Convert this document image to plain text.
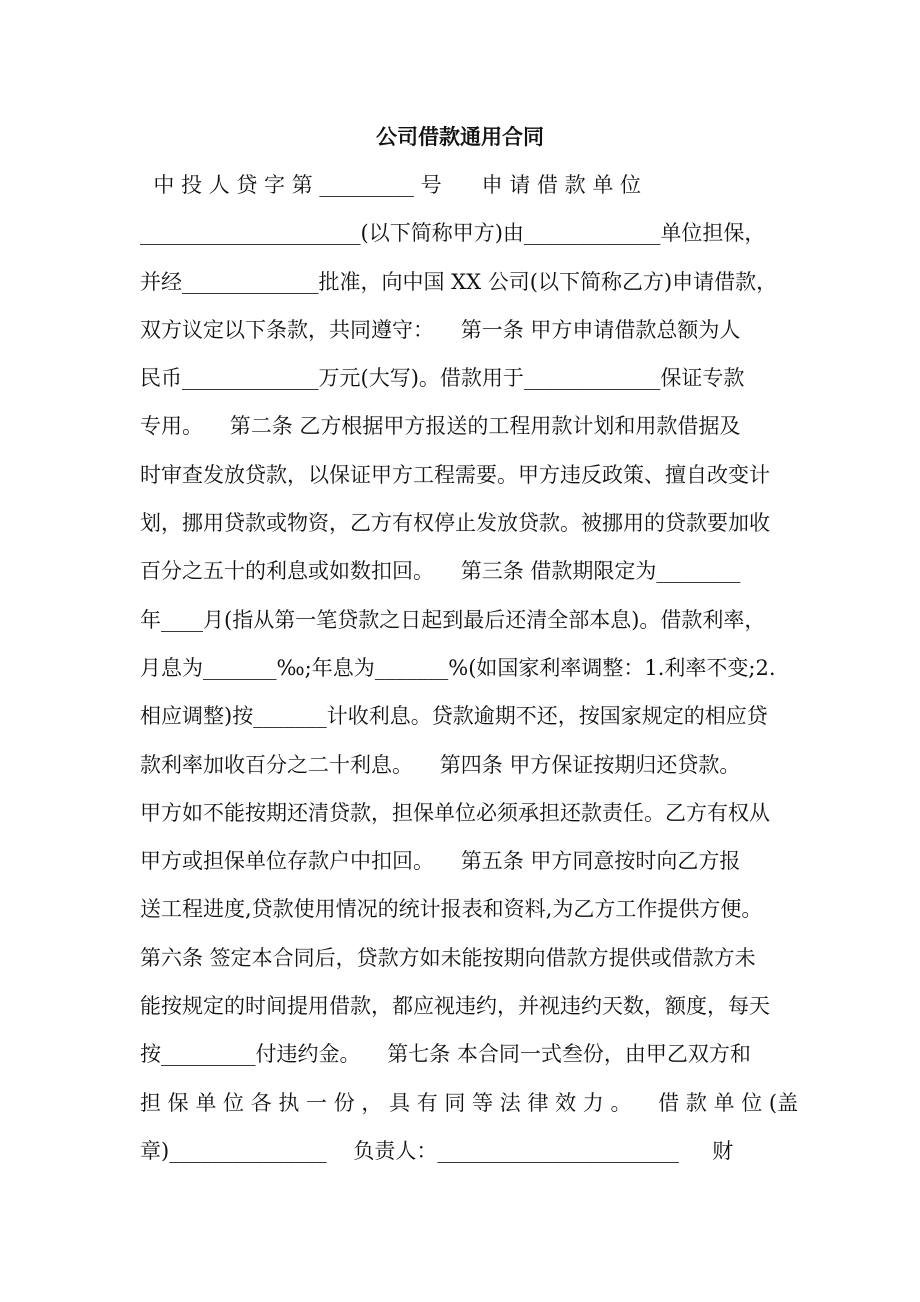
公司借款通用合同
中 投 人 贷 字 第 _________ 号      申 请 借 款 单 位
_____________________(以下简称甲方)由_____________单位担保，
并经_____________批准，向中国 XX 公司(以下简称乙方)申请借款，
双方议定以下条款，共同遵守：    第一条 甲方申请借款总额为人
民币_____________万元(大写)。借款用于_____________保证专款
专用。    第二条 乙方根据甲方报送的工程用款计划和用款借据及
时审查发放贷款，以保证甲方工程需要。甲方违反政策、擅自改变计
划，挪用贷款或物资，乙方有权停止发放贷款。被挪用的贷款要加收
百分之五十的利息或如数扣回。    第三条 借款期限定为________
年____月(指从第一笔贷款之日起到最后还清全部本息)。借款利率，
月息为_______‰;年息为_______%(如国家利率调整：1.利率不变;2.
相应调整)按_______计收利息。贷款逾期不还，按国家规定的相应贷
款利率加收百分之二十利息。    第四条 甲方保证按期归还贷款。
甲方如不能按期还清贷款，担保单位必须承担还款责任。乙方有权从
甲方或担保单位存款户中扣回。    第五条 甲方同意按时向乙方报
送工程进度,贷款使用情况的统计报表和资料,为乙方工作提供方便。
第六条 签定本合同后，贷款方如未能按期向借款方提供或借款方未
能按规定的时间提用借款，都应视违约，并视违约天数，额度，每天
按_________付违约金。    第七条 本合同一式叁份，由甲乙双方和
担 保 单 位 各 执 一 份 ， 具 有 同 等 法 律 效 力 。    借 款 单 位 (盖
章)_______________    负责人：_______________________     财
